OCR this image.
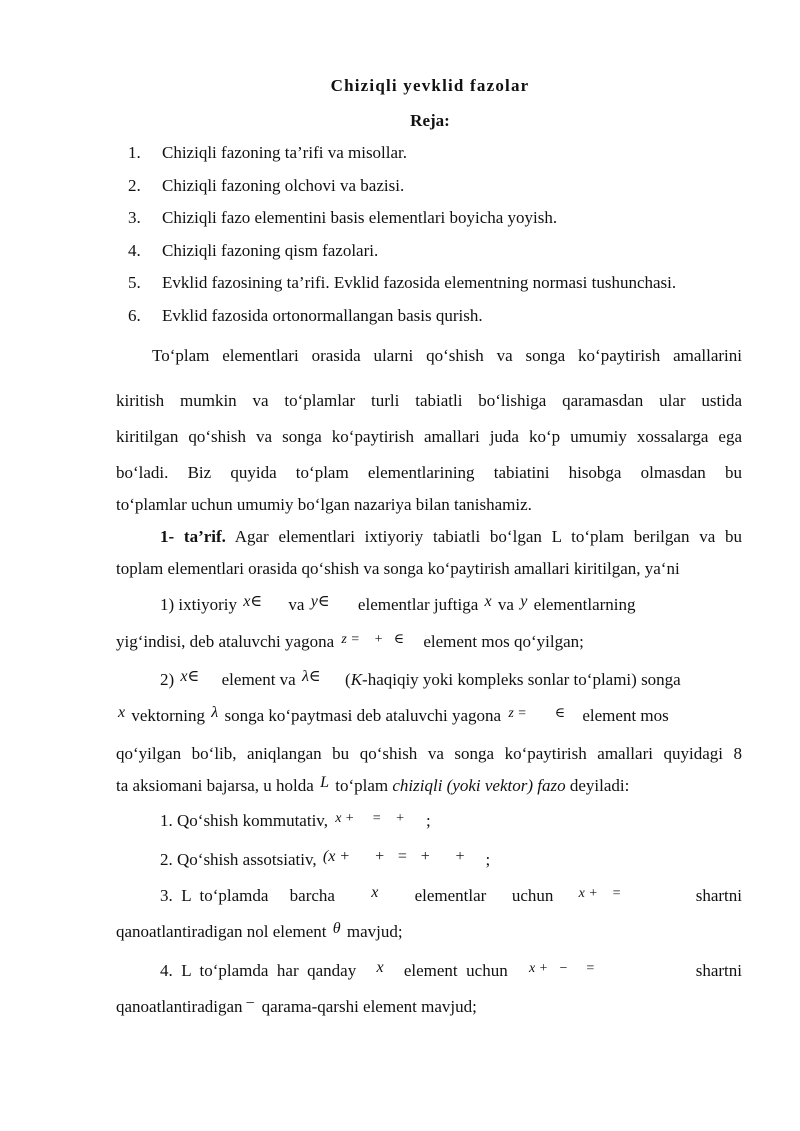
Chiziqli yevklid fazolar
Reja:
1. Chiziqli fazoning ta’rifi va misollar.
2. Chiziqli fazoning olchovi va bazisi.
3. Chiziqli fazo elementini basis elementlari boyicha yoyish.
4. Chiziqli fazoning qism fazolari.
5. Evklid fazosining ta’rifi. Evklid fazosida elementning normasi tushunchasi.
6. Evklid fazosida ortonormallangan basis qurish.
To‘plam elementlari orasida ularni qo‘shish va songa ko‘paytirish amallarini
kiritish mumkin va to‘plamlar turli tabiatli bo‘lishiga qaramasdan ular ustida
kiritilgan qo‘shish va songa ko‘paytirish amallari juda ko‘p umumiy xossalarga ega
bo‘ladi. Biz quyida to‘plam elementlarining tabiatini hisobga olmasdan bu
to‘plamlar uchun umumiy bo‘lgan nazariya bilan tanishamiz.
1- ta’rif. Agar elementlari ixtiyoriy tabiatli bo‘lgan L to‘plam berilgan va bu
toplam elementlari orasida qo‘shish va songa ko‘paytirish amallari kiritilgan, ya‘ni
1) ixtiyoriy x∈ va y∈ elementlar juftiga x va y elementlarning
yig‘indisi, deb ataluvchi yagona $^{z = + \in}$ element mos qo‘yilgan;
2) x∈ element va λ∈ (K-haqiqiy yoki kompleks sonlar to‘plami) songa
x vektorning λ songa ko‘paytmasi deb ataluvchi yagona $^{z = \in}$ element mos
qo‘yilgan bo‘lib, aniqlangan bu qo‘shish va songa ko‘paytirish amallari quyidagi 8
ta aksiomani bajarsa, u holda L to‘plam chiziqli (yoki vektor) fazo deyiladi:
1. Qo‘shish kommutativ, $^{x + = +}$ ;
2. Qo‘shish assotsiativ, (x +      +   =   +      + ;
3.  L  to‘plamda     barcha x elementlar      uchun $^{x + =}$	shartni
qanoatlantiradigan nol element θ mavjud;
4.  L  to‘plamda  har  qanday x element  uchun $^{x + - =}$	shartni
qanoatlantiradigan − qarama-qarshi element mavjud;
